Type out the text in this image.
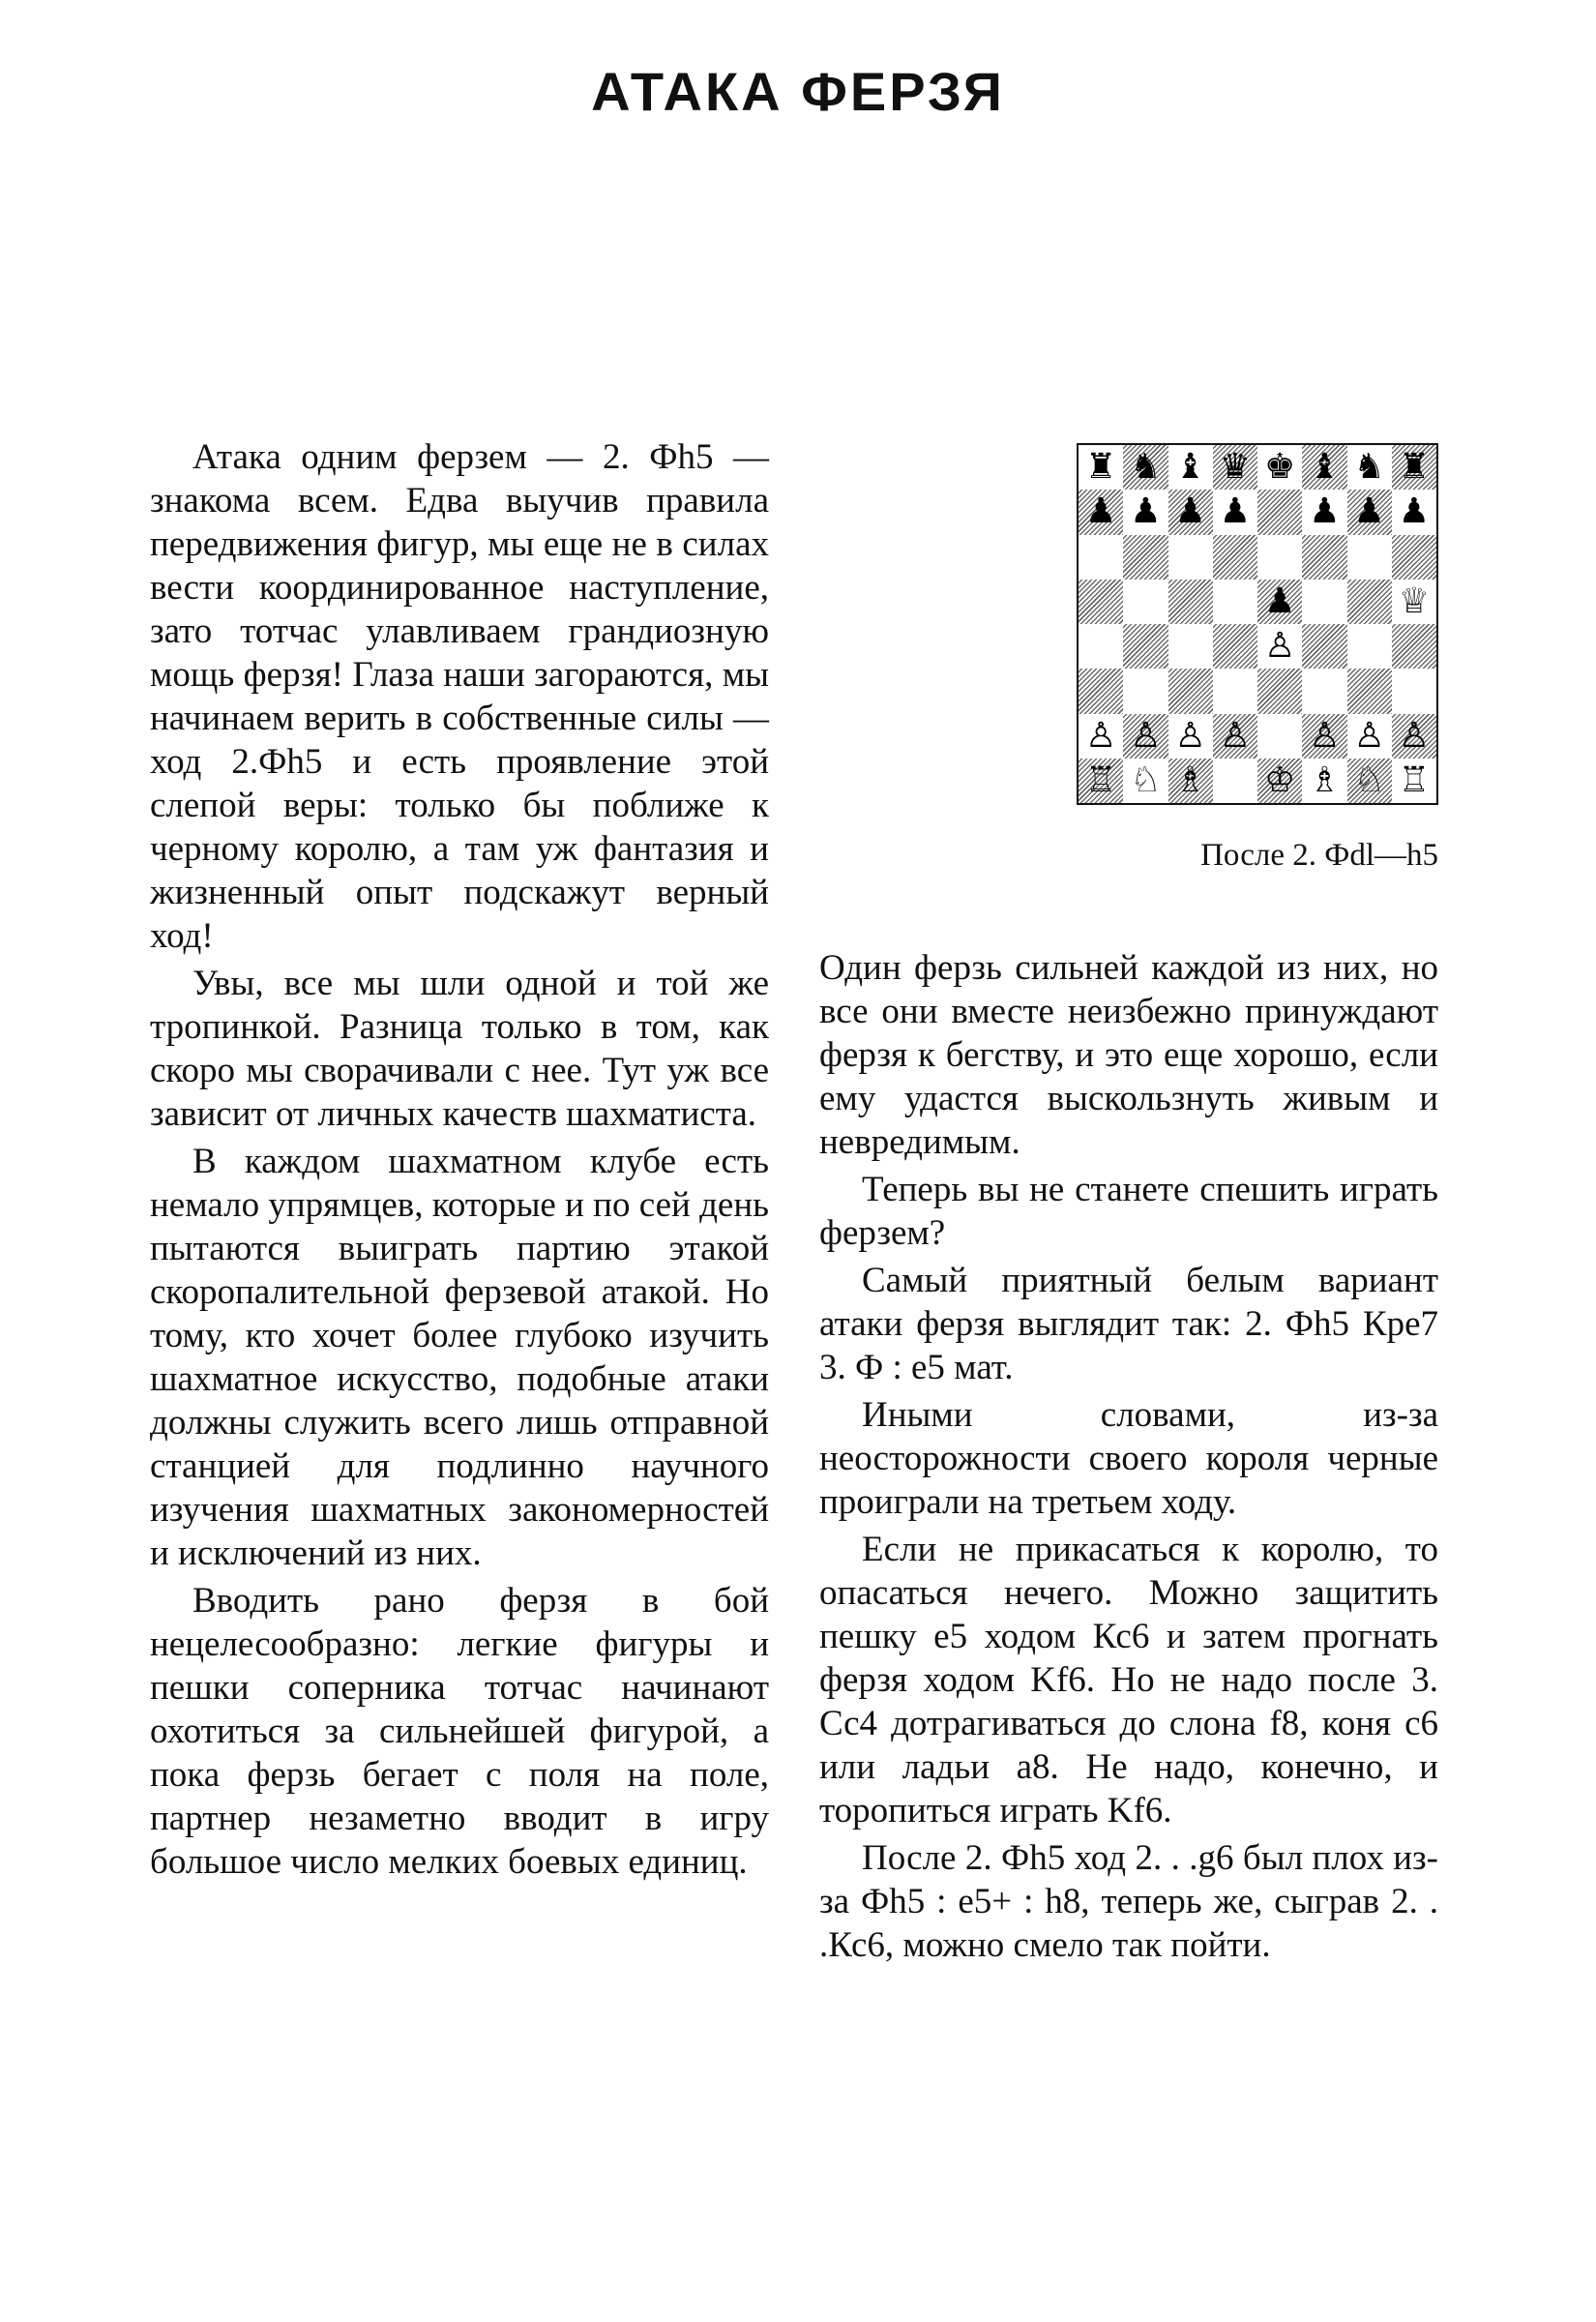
АТАКА ФЕРЗЯ

Атака одним ферзем — 2. Фh5 — знакома всем. Едва выучив правила передвижения фигур, мы еще не в силах вести координированное наступление, зато тотчас улавливаем грандиозную мощь ферзя! Глаза наши загораются, мы начинаем верить в собственные силы — ход 2.Фh5 и есть проявление этой слепой веры: только бы поближе к черному королю, а там уж фантазия и жизненный опыт подскажут верный ход!

Увы, все мы шли одной и той же тропинкой. Разница только в том, как скоро мы сворачивали с нее. Тут уж все зависит от личных качеств шахматиста.

В каждом шахматном клубе есть немало упрямцев, которые и по сей день пытаются выиграть партию этакой скоропалительной ферзевой атакой. Но тому, кто хочет более глубоко изучить шахматное искусство, подобные атаки должны служить всего лишь отправной станцией для подлинно научного изучения шахматных закономерностей и исключений из них.

Вводить рано ферзя в бой нецелесообразно: легкие фигуры и пешки соперника тотчас начинают охотиться за сильнейшей фигурой, а пока ферзь бегает с поля на поле, партнер незаметно вводит в игру большое число мелких боевых единиц.

♜ ♞ ♝ ♛ ♚ ♝ ♞ ♜
♟ ♟ ♟ ♟ ♟ ♟ ♟
♟	♕
♙
♙ ♙ ♙ ♙ ♙ ♙ ♙
♖ ♘ ♗ ♔ ♗ ♘ ♖
После 2. Фdl—h5

Один ферзь сильней каждой из них, но все они вместе неизбежно принуждают ферзя к бегству, и это еще хорошо, если ему удастся выскользнуть живым и невредимым.

Теперь вы не станете спешить играть ферзем?

Самый приятный белым вариант атаки ферзя выглядит так: 2. Фh5 Кре7 3. Ф : е5 мат.

Иными словами, из-за неосторожности своего короля черные проиграли на третьем ходу.

Если не прикасаться к королю, то опасаться нечего. Можно защитить пешку е5 ходом Кс6 и затем прогнать ферзя ходом Kf6. Но не надо после 3. Сс4 дотрагиваться до слона f8, коня с6 или ладьи а8. Не надо, конечно, и торопиться играть Kf6.

После 2. Фh5 ход 2. . .g6 был плох из-за Фh5 : е5+ : h8, теперь же, сыграв 2. . .Кс6, можно смело так пойти.
